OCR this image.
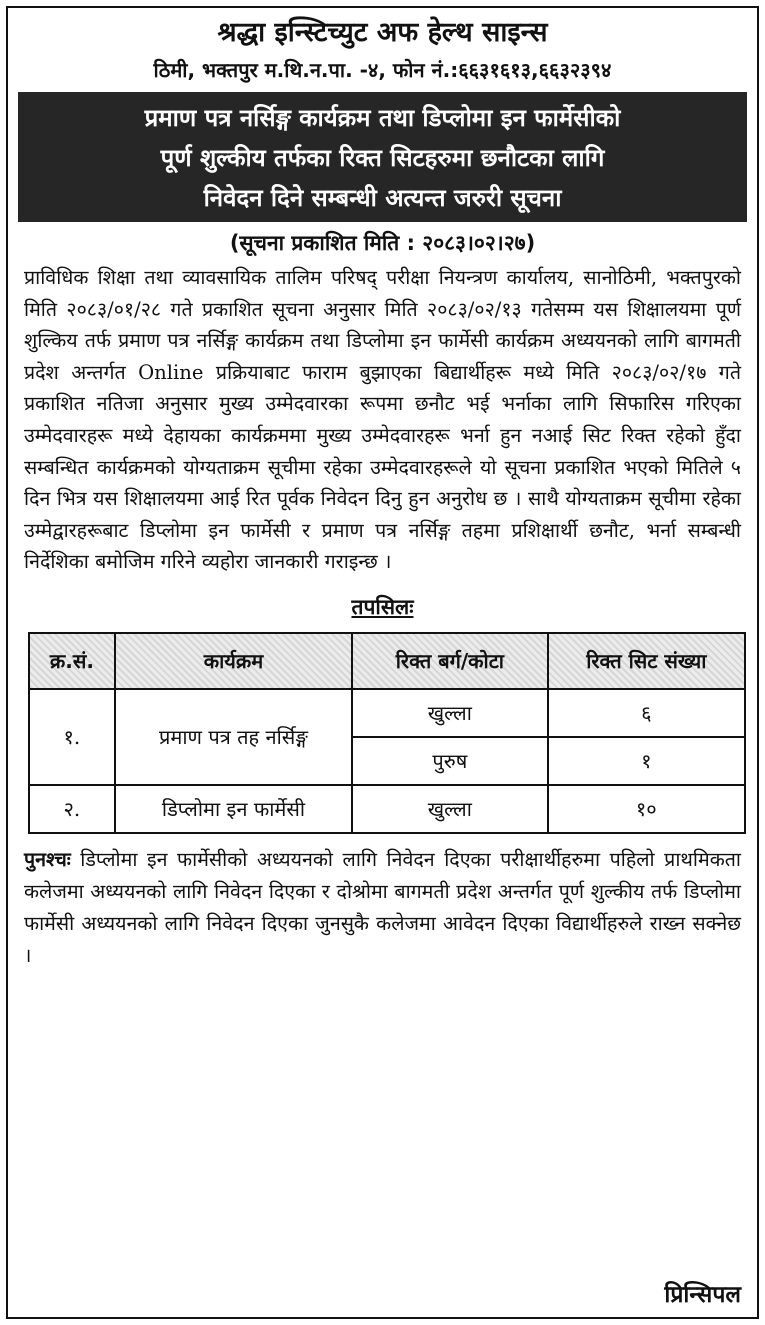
श्रद्धा इन्स्टिच्युट अफ हेल्थ साइन्स
ठिमी, भक्तपुर म.थि.न.पा. -४, फोन नं.:६६३१६१३,६६३२३९४
प्रमाण पत्र नर्सिङ्ग कार्यक्रम तथा डिप्लोमा इन फार्मेसीको
पूर्ण शुल्कीय तर्फका रिक्त सिटहरुमा छनौटका लागि
निवेदन दिने सम्बन्धी अत्यन्त जरुरी सूचना
(सूचना प्रकाशित मिति : २०८३।०२।२७)

प्राविधिक शिक्षा तथा व्यावसायिक तालिम परिषद् परीक्षा नियन्त्रण कार्यालय, सानोठिमी, भक्तपुरको मिति २०८३/०१/२८ गते प्रकाशित सूचना अनुसार मिति २०८३/०२/१३ गतेसम्म यस शिक्षालयमा पूर्ण शुल्किय तर्फ प्रमाण पत्र नर्सिङ्ग कार्यक्रम तथा डिप्लोमा इन फार्मेसी कार्यक्रम अध्ययनको लागि बागमती प्रदेश अन्तर्गत Online प्रक्रियाबाट फाराम बुझाएका बिद्यार्थीहरू मध्ये मिति २०८३/०२/१७ गते प्रकाशित नतिजा अनुसार मुख्य उम्मेदवारका रूपमा छनौट भई भर्नाका लागि सिफारिस गरिएका उम्मेदवारहरू मध्ये देहायका कार्यक्रममा मुख्य उम्मेदवारहरू भर्ना हुन नआई सिट रिक्त रहेको हुँदा सम्बन्धित कार्यक्रमको योग्यताक्रम सूचीमा रहेका उम्मेदवारहरूले यो सूचना प्रकाशित भएको मितिले ५ दिन भित्र यस शिक्षालयमा आई रित पूर्वक निवेदन दिनु हुन अनुरोध छ । साथै योग्यताक्रम सूचीमा रहेका उम्मेद्वारहरूबाट डिप्लोमा इन फार्मेसी र प्रमाण पत्र नर्सिङ्ग तहमा प्रशिक्षार्थी छनौट, भर्ना सम्बन्धी निर्देशिका बमोजिम गरिने व्यहोरा जानकारी गराइन्छ ।

तपसिलः
क्र.सं.	कार्यक्रम	रिक्त बर्ग/कोटा	रिक्त सिट संख्या
१.	प्रमाण पत्र तह नर्सिङ्ग	खुल्ला	६
		पुरुष	१
२.	डिप्लोमा इन फार्मेसी	खुल्ला	१०

पुनश्चः डिप्लोमा इन फार्मेसीको अध्ययनको लागि निवेदन दिएका परीक्षार्थीहरुमा पहिलो प्राथमिकता कलेजमा अध्ययनको लागि निवेदन दिएका र दोश्रोमा बागमती प्रदेश अन्तर्गत पूर्ण शुल्कीय तर्फ डिप्लोमा फार्मेसी अध्ययनको लागि निवेदन दिएका जुनसुकै कलेजमा आवेदन दिएका विद्यार्थीहरुले राख्न सक्नेछ ।

प्रिन्सिपल
